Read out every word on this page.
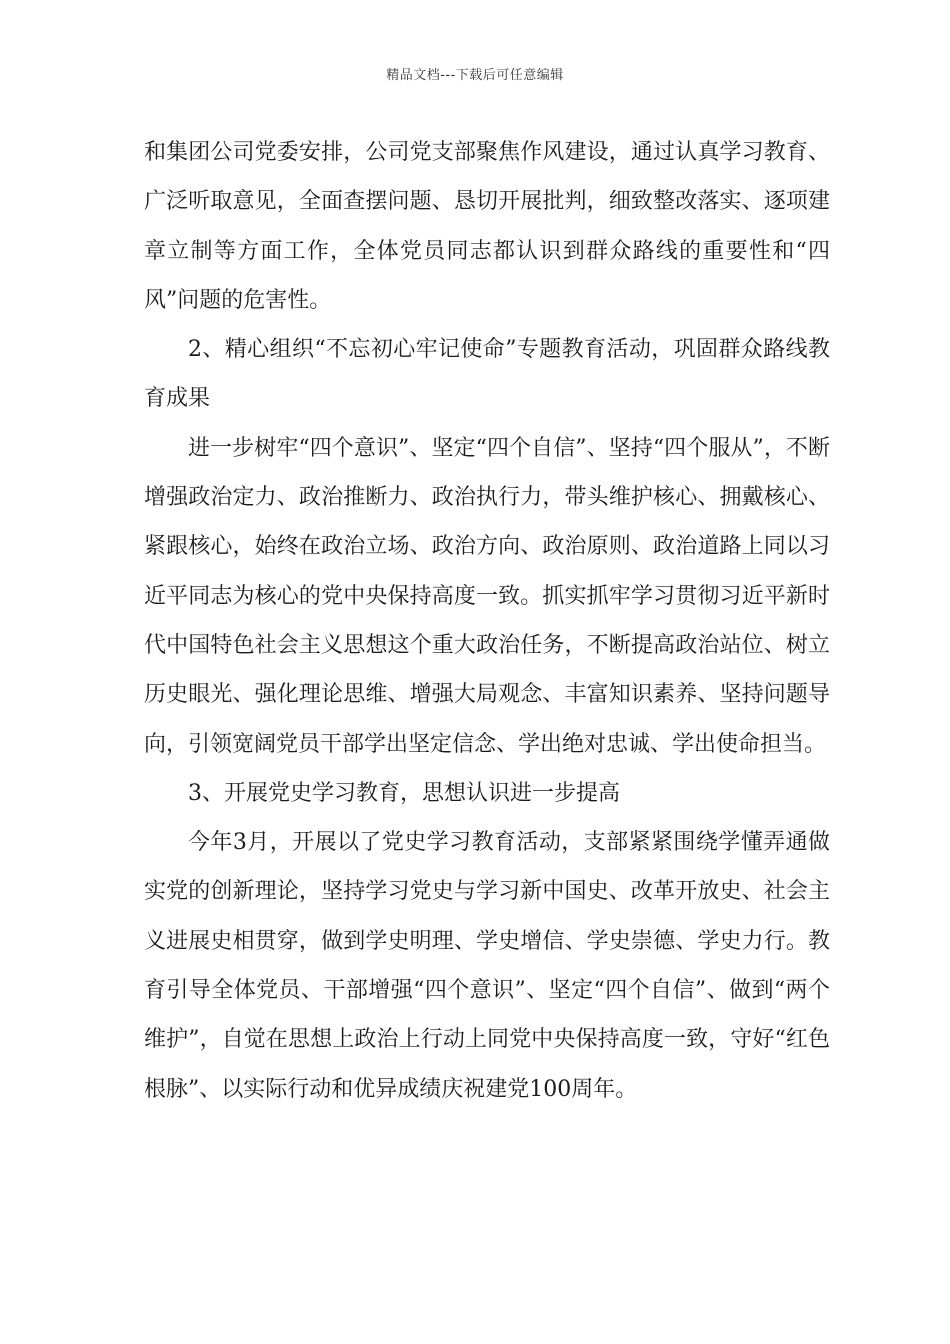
精品文档---下载后可任意编辑

和集团公司党委安排，公司党支部聚焦作风建设，通过认真学习教育、广泛听取意见，全面查摆问题、恳切开展批判，细致整改落实、逐项建章立制等方面工作，全体党员同志都认识到群众路线的重要性和“四风”问题的危害性。

2、精心组织“不忘初心牢记使命”专题教育活动，巩固群众路线教育成果

进一步树牢“四个意识”、坚定“四个自信”、坚持“四个服从”，不断增强政治定力、政治推断力、政治执行力，带头维护核心、拥戴核心、紧跟核心，始终在政治立场、政治方向、政治原则、政治道路上同以习近平同志为核心的党中央保持高度一致。抓实抓牢学习贯彻习近平新时代中国特色社会主义思想这个重大政治任务，不断提高政治站位、树立历史眼光、强化理论思维、增强大局观念、丰富知识素养、坚持问题导向，引领宽阔党员干部学出坚定信念、学出绝对忠诚、学出使命担当。

3、开展党史学习教育，思想认识进一步提高

今年3月，开展以了党史学习教育活动，支部紧紧围绕学懂弄通做实党的创新理论，坚持学习党史与学习新中国史、改革开放史、社会主义进展史相贯穿，做到学史明理、学史增信、学史崇德、学史力行。教育引导全体党员、干部增强“四个意识”、坚定“四个自信”、做到“两个维护”，自觉在思想上政治上行动上同党中央保持高度一致，守好“红色根脉”、以实际行动和优异成绩庆祝建党100周年。
